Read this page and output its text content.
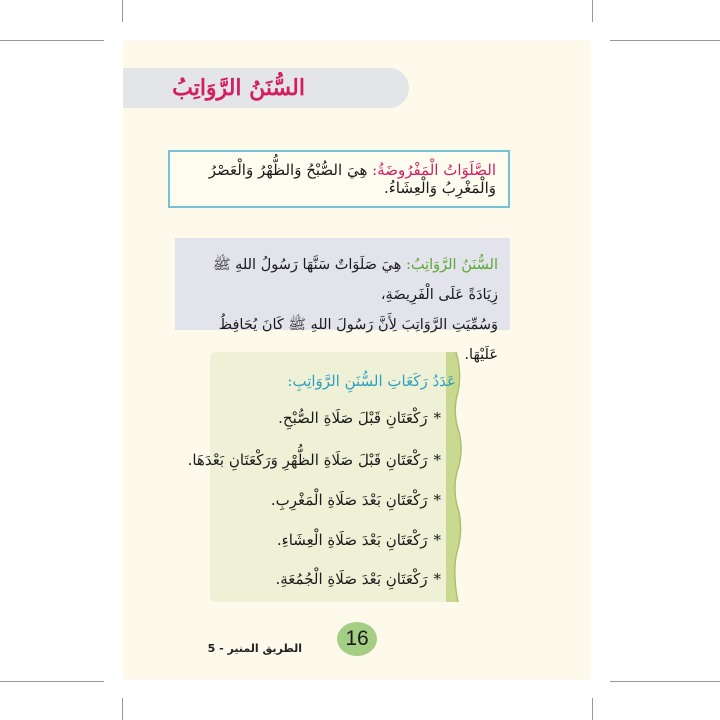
السُّنَنُ الرَّوَاتِبُ
الصَّلَوَاتُ الْمَفْرُوضَةُ: هِيَ الصُّبْحُ وَالظُّهْرُ وَالْعَصْرُ وَالْمَغْرِبُ وَالْعِشَاءُ.
السُّنَنُ الرَّوَاتِبُ: هِيَ صَلَوَاتٌ سَنَّهَا رَسُولُ اللهِ ﷺ زِيَادَةً عَلَى الْفَرِيضَةِ،
وَسُمِّيَتِ الرَّوَاتِبَ لِأَنَّ رَسُولَ اللهِ ﷺ كَانَ يُحَافِظُ عَلَيْهَا.
عَدَدُ رَكَعَاتِ السُّنَنِ الرَّوَاتِبِ:
*رَكْعَتَانِ قَبْلَ صَلَاةِ الصُّبْحِ.
*رَكْعَتَانِ قَبْلَ صَلَاةِ الظُّهْرِ وَرَكْعَتَانِ بَعْدَهَا.
*رَكْعَتَانِ بَعْدَ صَلَاةِ الْمَغْرِبِ.
*رَكْعَتَانِ بَعْدَ صَلَاةِ الْعِشَاءِ.
*رَكْعَتَانِ بَعْدَ صَلَاةِ الْجُمُعَةِ.
16
الطريق المنير - 5
